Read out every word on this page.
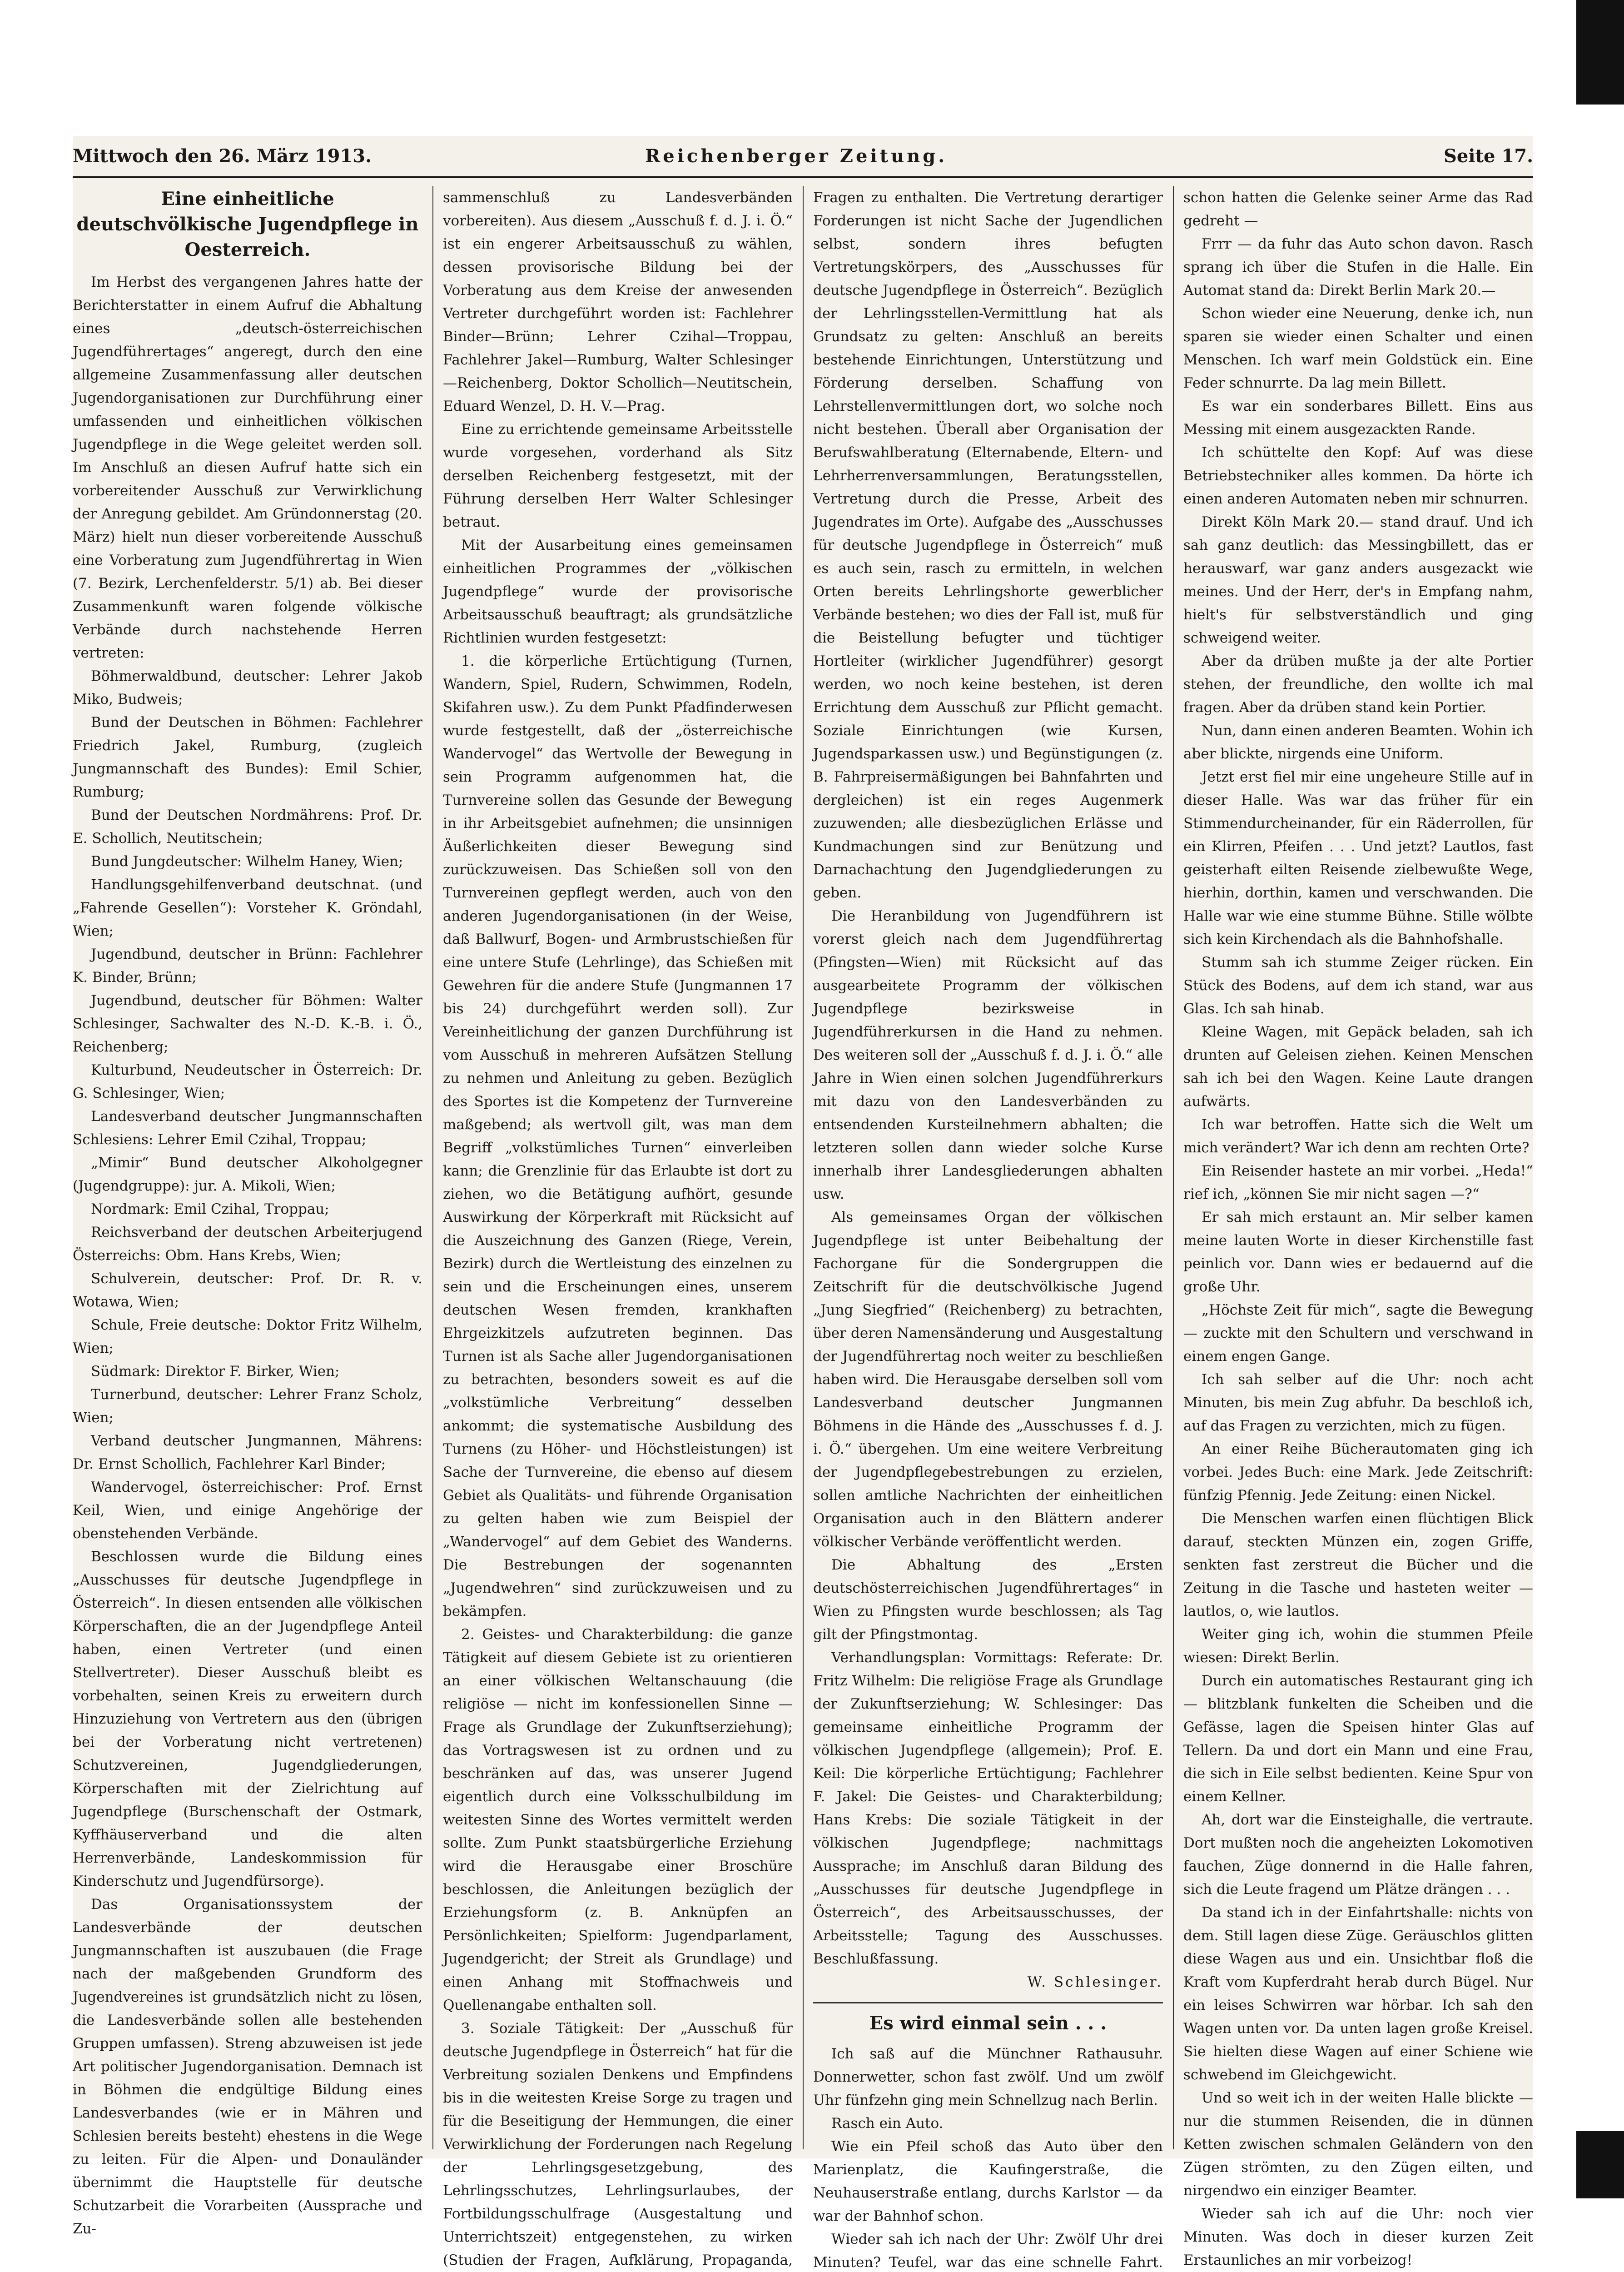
Mittwoch den 26. März 1913.	Reichenberger Zeitung.	Seite 17.
Eine einheitliche deutschvölkische Jugendpflege in Oesterreich.

Im Herbst des vergangenen Jahres hatte der Berichterstatter in einem Aufruf die Abhaltung eines „deutsch-österreichischen Jugendführertages“ angeregt, durch den eine allgemeine Zusammenfassung aller deutschen Jugendorganisationen zur Durchführung einer umfassenden und einheitlichen völkischen Jugendpflege in die Wege geleitet werden soll. Im Anschluß an diesen Aufruf hatte sich ein vorbereitender Ausschuß zur Verwirklichung der Anregung gebildet. Am Gründonnerstag (20. März) hielt nun dieser vorbereitende Ausschuß eine Vorberatung zum Jugendführertag in Wien (7. Bezirk, Lerchenfelderstr. 5/1) ab. Bei dieser Zusammenkunft waren folgende völkische Verbände durch nachstehende Herren vertreten:

Böhmerwaldbund, deutscher: Lehrer Jakob Miko, Budweis;

Bund der Deutschen in Böhmen: Fachlehrer Friedrich Jakel, Rumburg, (zugleich Jungmannschaft des Bundes): Emil Schier, Rumburg;

Bund der Deutschen Nordmährens: Prof. Dr. E. Schollich, Neutitschein;

Bund Jungdeutscher: Wilhelm Haney, Wien;

Handlungsgehilfenverband deutschnat. (und „Fahrende Gesellen“): Vorsteher K. Gröndahl, Wien;

Jugendbund, deutscher in Brünn: Fachlehrer K. Binder, Brünn;

Jugendbund, deutscher für Böhmen: Walter Schlesinger, Sachwalter des N.-D. K.-B. i. Ö., Reichenberg;

Kulturbund, Neudeutscher in Österreich: Dr. G. Schlesinger, Wien;

Landesverband deutscher Jungmannschaften Schlesiens: Lehrer Emil Czihal, Troppau;

„Mimir“ Bund deutscher Alkoholgegner (Jugendgruppe): jur. A. Mikoli, Wien;

Nordmark: Emil Czihal, Troppau;

Reichsverband der deutschen Arbeiterjugend Österreichs: Obm. Hans Krebs, Wien;

Schulverein, deutscher: Prof. Dr. R. v. Wotawa, Wien;

Schule, Freie deutsche: Doktor Fritz Wilhelm, Wien;

Südmark: Direktor F. Birker, Wien;

Turnerbund, deutscher: Lehrer Franz Scholz, Wien;

Verband deutscher Jungmannen, Mährens: Dr. Ernst Schollich, Fachlehrer Karl Binder;

Wandervogel, österreichischer: Prof. Ernst Keil, Wien, und einige Angehörige der obenstehenden Verbände.

Beschlossen wurde die Bildung eines „Ausschusses für deutsche Jugendpflege in Österreich“. In diesen entsenden alle völkischen Körperschaften, die an der Jugendpflege Anteil haben, einen Vertreter (und einen Stellvertreter). Dieser Ausschuß bleibt es vorbehalten, seinen Kreis zu erweitern durch Hinzuziehung von Vertretern aus den (übrigen bei der Vorberatung nicht vertretenen) Schutzvereinen, Jugendgliederungen, Körperschaften mit der Zielrichtung auf Jugendpflege (Burschenschaft der Ostmark, Kyffhäuserverband und die alten Herrenverbände, Landeskommission für Kinderschutz und Jugendfürsorge).

Das Organisationssystem der Landesverbände der deutschen Jungmannschaften ist auszubauen (die Frage nach der maßgebenden Grundform des Jugendvereines ist grundsätzlich nicht zu lösen, die Landesverbände sollen alle bestehenden Gruppen umfassen). Streng abzuweisen ist jede Art politischer Jugendorganisation. Demnach ist in Böhmen die endgültige Bildung eines Landesverbandes (wie er in Mähren und Schlesien bereits besteht) ehestens in die Wege zu leiten. Für die Alpen- und Donauländer übernimmt die Hauptstelle für deutsche Schutzarbeit die Vorarbeiten (Aussprache und Zu-

sammenschluß zu Landesverbänden vorbereiten). Aus diesem „Ausschuß f. d. J. i. Ö.“ ist ein engerer Arbeitsausschuß zu wählen, dessen provisorische Bildung bei der Vorberatung aus dem Kreise der anwesenden Vertreter durchgeführt worden ist: Fachlehrer Binder—Brünn; Lehrer Czihal—Troppau, Fachlehrer Jakel—Rumburg, Walter Schlesinger—Reichenberg, Doktor Schollich—Neutitschein, Eduard Wenzel, D. H. V.—Prag.

Eine zu errichtende gemeinsame Arbeitsstelle wurde vorgesehen, vorderhand als Sitz derselben Reichenberg festgesetzt, mit der Führung derselben Herr Walter Schlesinger betraut.

Mit der Ausarbeitung eines gemeinsamen einheitlichen Programmes der „völkischen Jugendpflege“ wurde der provisorische Arbeitsausschuß beauftragt; als grundsätzliche Richtlinien wurden festgesetzt:

1. die körperliche Ertüchtigung (Turnen, Wandern, Spiel, Rudern, Schwimmen, Rodeln, Skifahren usw.). Zu dem Punkt Pfadfinderwesen wurde festgestellt, daß der „österreichische Wandervogel“ das Wertvolle der Bewegung in sein Programm aufgenommen hat, die Turnvereine sollen das Gesunde der Bewegung in ihr Arbeitsgebiet aufnehmen; die unsinnigen Äußerlichkeiten dieser Bewegung sind zurückzuweisen. Das Schießen soll von den Turnvereinen gepflegt werden, auch von den anderen Jugendorganisationen (in der Weise, daß Ballwurf, Bogen- und Armbrustschießen für eine untere Stufe (Lehrlinge), das Schießen mit Gewehren für die andere Stufe (Jungmannen 17 bis 24) durchgeführt werden soll). Zur Vereinheitlichung der ganzen Durchführung ist vom Ausschuß in mehreren Aufsätzen Stellung zu nehmen und Anleitung zu geben. Bezüglich des Sportes ist die Kompetenz der Turnvereine maßgebend; als wertvoll gilt, was man dem Begriff „volkstümliches Turnen“ einverleiben kann; die Grenzlinie für das Erlaubte ist dort zu ziehen, wo die Betätigung aufhört, gesunde Auswirkung der Körperkraft mit Rücksicht auf die Auszeichnung des Ganzen (Riege, Verein, Bezirk) durch die Wertleistung des einzelnen zu sein und die Erscheinungen eines, unserem deutschen Wesen fremden, krankhaften Ehrgeizkitzels aufzutreten beginnen. Das Turnen ist als Sache aller Jugendorganisationen zu betrachten, besonders soweit es auf die „volkstümliche Verbreitung“ desselben ankommt; die systematische Ausbildung des Turnens (zu Höher- und Höchstleistungen) ist Sache der Turnvereine, die ebenso auf diesem Gebiet als Qualitäts- und führende Organisation zu gelten haben wie zum Beispiel der „Wandervogel“ auf dem Gebiet des Wanderns. Die Bestrebungen der sogenannten „Jugendwehren“ sind zurückzuweisen und zu bekämpfen.

2. Geistes- und Charakterbildung: die ganze Tätigkeit auf diesem Gebiete ist zu orientieren an einer völkischen Weltanschauung (die religiöse — nicht im konfessionellen Sinne — Frage als Grundlage der Zukunftserziehung); das Vortragswesen ist zu ordnen und zu beschränken auf das, was unserer Jugend eigentlich durch eine Volksschulbildung im weitesten Sinne des Wortes vermittelt werden sollte. Zum Punkt staatsbürgerliche Erziehung wird die Herausgabe einer Broschüre beschlossen, die Anleitungen bezüglich der Erziehungsform (z. B. Anknüpfen an Persönlichkeiten; Spielform: Jugendparlament, Jugendgericht; der Streit als Grundlage) und einen Anhang mit Stoffnachweis und Quellenangabe enthalten soll.

3. Soziale Tätigkeit: Der „Ausschuß für deutsche Jugendpflege in Österreich“ hat für die Verbreitung sozialen Denkens und Empfindens bis in die weitesten Kreise Sorge zu tragen und für die Beseitigung der Hemmungen, die einer Verwirklichung der Forderungen nach Regelung der Lehrlingsgesetzgebung, des Lehrlingsschutzes, Lehrlingsurlaubes, der Fortbildungsschulfrage (Ausgestaltung und Unterrichtszeit) entgegenstehen, zu wirken (Studien der Fragen, Aufklärung, Propaganda,

Fragen zu enthalten. Die Vertretung derartiger Forderungen ist nicht Sache der Jugendlichen selbst, sondern ihres befugten Vertretungskörpers, des „Ausschusses für deutsche Jugendpflege in Österreich“. Bezüglich der Lehrlingsstellen-Vermittlung hat als Grundsatz zu gelten: Anschluß an bereits bestehende Einrichtungen, Unterstützung und Förderung derselben. Schaffung von Lehrstellenvermittlungen dort, wo solche noch nicht bestehen. Überall aber Organisation der Berufswahlberatung (Elternabende, Eltern- und Lehrherrenversammlungen, Beratungsstellen, Vertretung durch die Presse, Arbeit des Jugendrates im Orte). Aufgabe des „Ausschusses für deutsche Jugendpflege in Österreich“ muß es auch sein, rasch zu ermitteln, in welchen Orten bereits Lehrlingshorte gewerblicher Verbände bestehen; wo dies der Fall ist, muß für die Beistellung befugter und tüchtiger Hortleiter (wirklicher Jugendführer) gesorgt werden, wo noch keine bestehen, ist deren Errichtung dem Ausschuß zur Pflicht gemacht. Soziale Einrichtungen (wie Kursen, Jugendsparkassen usw.) und Begünstigungen (z. B. Fahrpreisermäßigungen bei Bahnfahrten und dergleichen) ist ein reges Augenmerk zuzuwenden; alle diesbezüglichen Erlässe und Kundmachungen sind zur Benützung und Darnachachtung den Jugendgliederungen zu geben.

Die Heranbildung von Jugendführern ist vorerst gleich nach dem Jugendführertag (Pfingsten—Wien) mit Rücksicht auf das ausgearbeitete Programm der völkischen Jugendpflege bezirksweise in Jugendführerkursen in die Hand zu nehmen. Des weiteren soll der „Ausschuß f. d. J. i. Ö.“ alle Jahre in Wien einen solchen Jugendführerkurs mit dazu von den Landesverbänden zu entsendenden Kursteilnehmern abhalten; die letzteren sollen dann wieder solche Kurse innerhalb ihrer Landesgliederungen abhalten usw.

Als gemeinsames Organ der völkischen Jugendpflege ist unter Beibehaltung der Fachorgane für die Sondergruppen die Zeitschrift für die deutschvölkische Jugend „Jung Siegfried“ (Reichenberg) zu betrachten, über deren Namensänderung und Ausgestaltung der Jugendführertag noch weiter zu beschließen haben wird. Die Herausgabe derselben soll vom Landesverband deutscher Jungmannen Böhmens in die Hände des „Ausschusses f. d. J. i. Ö.“ übergehen. Um eine weitere Verbreitung der Jugendpflegebestrebungen zu erzielen, sollen amtliche Nachrichten der einheitlichen Organisation auch in den Blättern anderer völkischer Verbände veröffentlicht werden.

Die Abhaltung des „Ersten deutschösterreichischen Jugendführertages“ in Wien zu Pfingsten wurde beschlossen; als Tag gilt der Pfingstmontag.

Verhandlungsplan: Vormittags: Referate: Dr. Fritz Wilhelm: Die religiöse Frage als Grundlage der Zukunftserziehung; W. Schlesinger: Das gemeinsame einheitliche Programm der völkischen Jugendpflege (allgemein); Prof. E. Keil: Die körperliche Ertüchtigung; Fachlehrer F. Jakel: Die Geistes- und Charakterbildung; Hans Krebs: Die soziale Tätigkeit in der völkischen Jugendpflege; nachmittags Aussprache; im Anschluß daran Bildung des „Ausschusses für deutsche Jugendpflege in Österreich“, des Arbeitsausschusses, der Arbeitsstelle; Tagung des Ausschusses. Beschlußfassung.

W. Schlesinger.

Es wird einmal sein . . .

Ich saß auf die Münchner Rathausuhr. Donnerwetter, schon fast zwölf. Und um zwölf Uhr fünfzehn ging mein Schnellzug nach Berlin.

Rasch ein Auto.

Wie ein Pfeil schoß das Auto über den Marienplatz, die Kaufingerstraße, die Neuhauserstraße entlang, durchs Karlstor — da war der Bahnhof schon.

Wieder sah ich nach der Uhr: Zwölf Uhr drei Minuten? Teufel, war das eine schnelle Fahrt.

schon hatten die Gelenke seiner Arme das Rad gedreht —

Frrr — da fuhr das Auto schon davon. Rasch sprang ich über die Stufen in die Halle. Ein Automat stand da: Direkt Berlin Mark 20.—

Schon wieder eine Neuerung, denke ich, nun sparen sie wieder einen Schalter und einen Menschen. Ich warf mein Goldstück ein. Eine Feder schnurrte. Da lag mein Billett.

Es war ein sonderbares Billett. Eins aus Messing mit einem ausgezackten Rande.

Ich schüttelte den Kopf: Auf was diese Betriebstechniker alles kommen. Da hörte ich einen anderen Automaten neben mir schnurren.

Direkt Köln Mark 20.— stand drauf. Und ich sah ganz deutlich: das Messingbillett, das er herauswarf, war ganz anders ausgezackt wie meines. Und der Herr, der's in Empfang nahm, hielt's für selbstverständlich und ging schweigend weiter.

Aber da drüben mußte ja der alte Portier stehen, der freundliche, den wollte ich mal fragen. Aber da drüben stand kein Portier.

Nun, dann einen anderen Beamten. Wohin ich aber blickte, nirgends eine Uniform.

Jetzt erst fiel mir eine ungeheure Stille auf in dieser Halle. Was war das früher für ein Stimmendurcheinander, für ein Räderrollen, für ein Klirren, Pfeifen . . . Und jetzt? Lautlos, fast geisterhaft eilten Reisende zielbewußte Wege, hierhin, dorthin, kamen und verschwanden. Die Halle war wie eine stumme Bühne. Stille wölbte sich kein Kirchendach als die Bahnhofshalle.

Stumm sah ich stumme Zeiger rücken. Ein Stück des Bodens, auf dem ich stand, war aus Glas. Ich sah hinab.

Kleine Wagen, mit Gepäck beladen, sah ich drunten auf Geleisen ziehen. Keinen Menschen sah ich bei den Wagen. Keine Laute drangen aufwärts.

Ich war betroffen. Hatte sich die Welt um mich verändert? War ich denn am rechten Orte?

Ein Reisender hastete an mir vorbei. „Heda!“ rief ich, „können Sie mir nicht sagen —?“

Er sah mich erstaunt an. Mir selber kamen meine lauten Worte in dieser Kirchenstille fast peinlich vor. Dann wies er bedauernd auf die große Uhr.

„Höchste Zeit für mich“, sagte die Bewegung — zuckte mit den Schultern und verschwand in einem engen Gange.

Ich sah selber auf die Uhr: noch acht Minuten, bis mein Zug abfuhr. Da beschloß ich, auf das Fragen zu verzichten, mich zu fügen.

An einer Reihe Bücherautomaten ging ich vorbei. Jedes Buch: eine Mark. Jede Zeitschrift: fünfzig Pfennig. Jede Zeitung: einen Nickel.

Die Menschen warfen einen flüchtigen Blick darauf, steckten Münzen ein, zogen Griffe, senkten fast zerstreut die Bücher und die Zeitung in die Tasche und hasteten weiter — lautlos, o, wie lautlos.

Weiter ging ich, wohin die stummen Pfeile wiesen: Direkt Berlin.

Durch ein automatisches Restaurant ging ich — blitzblank funkelten die Scheiben und die Gefässe, lagen die Speisen hinter Glas auf Tellern. Da und dort ein Mann und eine Frau, die sich in Eile selbst bedienten. Keine Spur von einem Kellner.

Ah, dort war die Einsteighalle, die vertraute. Dort mußten noch die angeheizten Lokomotiven fauchen, Züge donnernd in die Halle fahren, sich die Leute fragend um Plätze drängen . . .

Da stand ich in der Einfahrtshalle: nichts von dem. Still lagen diese Züge. Geräuschlos glitten diese Wagen aus und ein. Unsichtbar floß die Kraft vom Kupferdraht herab durch Bügel. Nur ein leises Schwirren war hörbar. Ich sah den Wagen unten vor. Da unten lagen große Kreisel. Sie hielten diese Wagen auf einer Schiene wie schwebend im Gleichgewicht.

Und so weit ich in der weiten Halle blickte — nur die stummen Reisenden, die in dünnen Ketten zwischen schmalen Geländern von den Zügen strömten, zu den Zügen eilten, und nirgendwo ein einziger Beamter.

Wieder sah ich auf die Uhr: noch vier Minuten. Was doch in dieser kurzen Zeit Erstaunliches an mir vorbeizog!
